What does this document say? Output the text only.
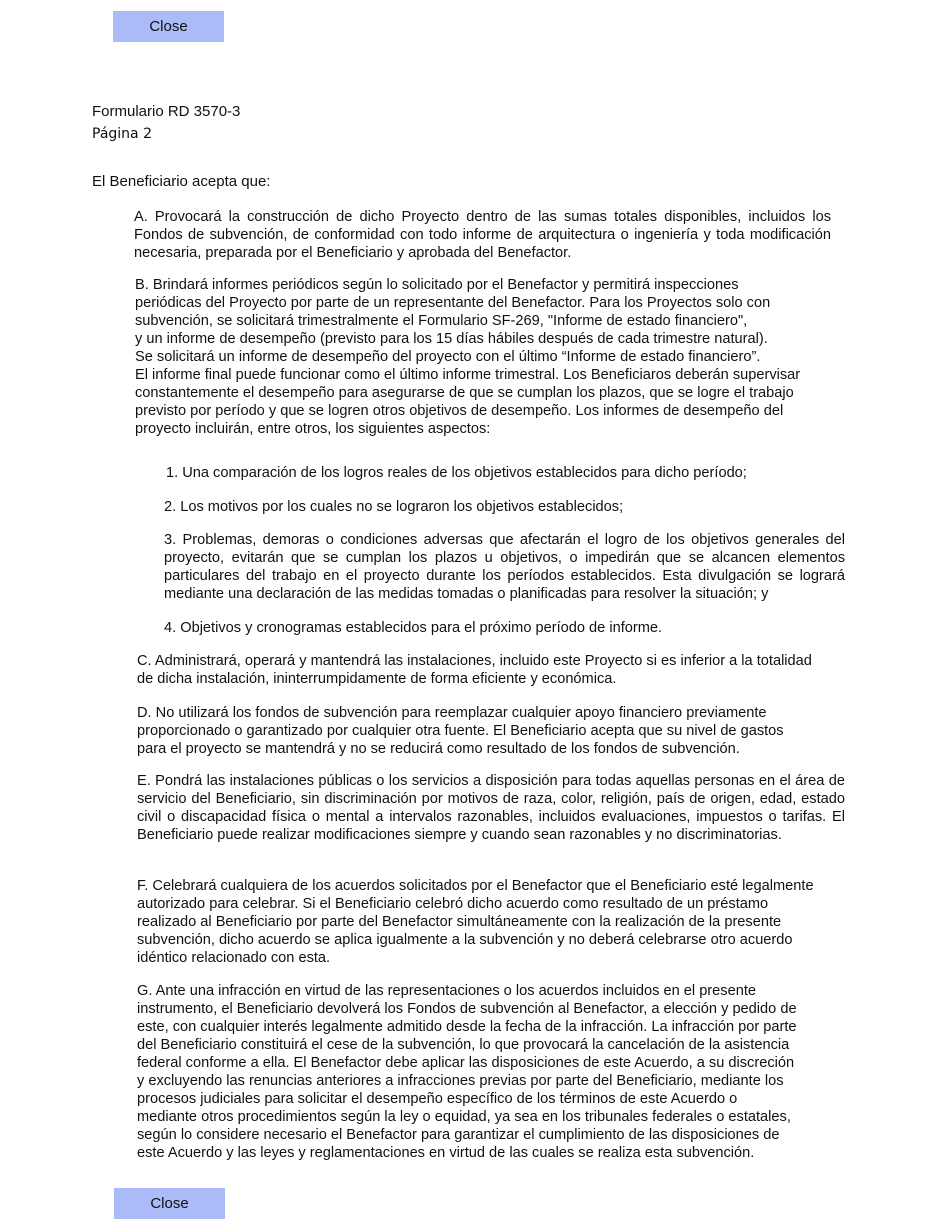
Close
Formulario RD 3570-3
Página 2
El Beneficiario acepta que:

A. Provocará la construcción de dicho Proyecto dentro de las sumas totales disponibles, incluidos los Fondos de subvención, de conformidad con todo informe de arquitectura o ingeniería y toda modificación necesaria, preparada por el Beneficiario y aprobada del Benefactor.

B. Brindará informes periódicos según lo solicitado por el Benefactor y permitirá inspecciones
periódicas del Proyecto por parte de un representante del Benefactor. Para los Proyectos solo con
subvención, se solicitará trimestralmente el Formulario SF-269, "Informe de estado financiero",
y un informe de desempeño (previsto para los 15 días hábiles después de cada trimestre natural).
Se solicitará un informe de desempeño del proyecto con el último “Informe de estado financiero”.
El informe final puede funcionar como el último informe trimestral. Los Beneficiaros deberán supervisar
constantemente el desempeño para asegurarse de que se cumplan los plazos, que se logre el trabajo
previsto por período y que se logren otros objetivos de desempeño. Los informes de desempeño del
proyecto incluirán, entre otros, los siguientes aspectos:

1. Una comparación de los logros reales de los objetivos establecidos para dicho período;

2. Los motivos por los cuales no se lograron los objetivos establecidos;

3. Problemas, demoras o condiciones adversas que afectarán el logro de los objetivos generales del proyecto, evitarán que se cumplan los plazos u objetivos, o impedirán que se alcancen elementos particulares del trabajo en el proyecto durante los períodos establecidos. Esta divulgación se logrará mediante una declaración de las medidas tomadas o planificadas para resolver la situación; y

4. Objetivos y cronogramas establecidos para el próximo período de informe.

C. Administrará, operará y mantendrá las instalaciones, incluido este Proyecto si es inferior a la totalidad
de dicha instalación, ininterrumpidamente de forma eficiente y económica.

D. No utilizará los fondos de subvención para reemplazar cualquier apoyo financiero previamente
proporcionado o garantizado por cualquier otra fuente. El Beneficiario acepta que su nivel de gastos
para el proyecto se mantendrá y no se reducirá como resultado de los fondos de subvención.

E. Pondrá las instalaciones públicas o los servicios a disposición para todas aquellas personas en el área de servicio del Beneficiario, sin discriminación por motivos de raza, color, religión, país de origen, edad, estado civil o discapacidad física o mental a intervalos razonables, incluidos evaluaciones, impuestos o tarifas. El Beneficiario puede realizar modificaciones siempre y cuando sean razonables y no discriminatorias.

F. Celebrará cualquiera de los acuerdos solicitados por el Benefactor que el Beneficiario esté legalmente
autorizado para celebrar. Si el Beneficiario celebró dicho acuerdo como resultado de un préstamo
realizado al Beneficiario por parte del Benefactor simultáneamente con la realización de la presente
subvención, dicho acuerdo se aplica igualmente a la subvención y no deberá celebrarse otro acuerdo
idéntico relacionado con esta.

G. Ante una infracción en virtud de las representaciones o los acuerdos incluidos en el presente
instrumento, el Beneficiario devolverá los Fondos de subvención al Benefactor, a elección y pedido de
este, con cualquier interés legalmente admitido desde la fecha de la infracción. La infracción por parte
del Beneficiario constituirá el cese de la subvención, lo que provocará la cancelación de la asistencia
federal conforme a ella. El Benefactor debe aplicar las disposiciones de este Acuerdo, a su discreción
y excluyendo las renuncias anteriores a infracciones previas por parte del Beneficiario, mediante los
procesos judiciales para solicitar el desempeño específico de los términos de este Acuerdo o
mediante otros procedimientos según la ley o equidad, ya sea en los tribunales federales o estatales,
según lo considere necesario el Benefactor para garantizar el cumplimiento de las disposiciones de
este Acuerdo y las leyes y reglamentaciones en virtud de las cuales se realiza esta subvención.

Close
